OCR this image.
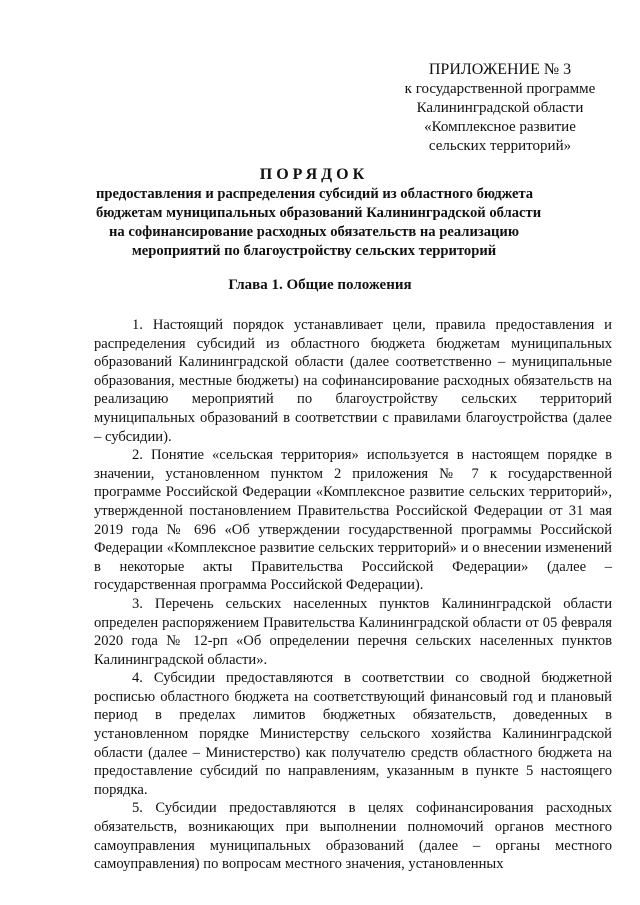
ПРИЛОЖЕНИЕ № 3
к государственной программе
Калининградской области
«Комплексное развитие
сельских территорий»
ПОРЯДОК
предоставления и распределения субсидий из областного бюджета
бюджетам муниципальных образований Калининградской области
на софинансирование расходных обязательств на реализацию
мероприятий по благоустройству сельских территорий
Глава 1. Общие положения

1. Настоящий порядок устанавливает цели, правила предоставления и распределения субсидий из областного бюджета бюджетам муниципальных образований Калининградской области (далее соответственно – муниципальные образования, местные бюджеты) на софинансирование расходных обязательств на реализацию мероприятий по благоустройству сельских территорий муниципальных образований в соответствии с правилами благоустройства (далее – субсидии).

2. Понятие «сельская территория» используется в настоящем порядке в значении, установленном пунктом 2 приложения № 7 к государственной программе Российской Федерации «Комплексное развитие сельских территорий», утвержденной постановлением Правительства Российской Федерации от 31 мая 2019 года № 696 «Об утверждении государственной программы Российской Федерации «Комплексное развитие сельских территорий» и о внесении изменений в некоторые акты Правительства Российской Федерации» (далее – государственная программа Российской Федерации).

3. Перечень сельских населенных пунктов Калининградской области определен распоряжением Правительства Калининградской области от 05 февраля 2020 года № 12-рп «Об определении перечня сельских населенных пунктов Калининградской области».

4. Субсидии предоставляются в соответствии со сводной бюджетной росписью областного бюджета на соответствующий финансовый год и плановый период в пределах лимитов бюджетных обязательств, доведенных в установленном порядке Министерству сельского хозяйства Калининградской области (далее – Министерство) как получателю средств областного бюджета на предоставление субсидий по направлениям, указанным в пункте 5 настоящего порядка.

5. Субсидии предоставляются в целях софинансирования расходных обязательств, возникающих при выполнении полномочий органов местного самоуправления муниципальных образований (далее – органы местного самоуправления) по вопросам местного значения, установленных
